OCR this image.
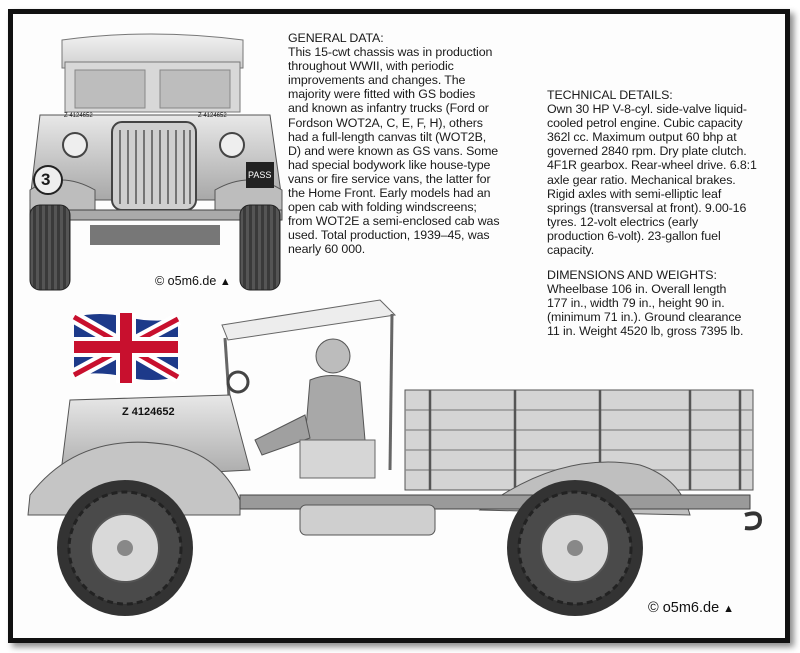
3	PASS
Z 4124652	Z 4124652
Z 4124652

GENERAL DATA:

This 15-cwt chassis was in production
throughout WWII, with periodic
improvements and changes. The
majority were fitted with GS bodies
and known as infantry trucks (Ford or
Fordson WOT2A, C, E, F, H), others
had a full-length canvas tilt (WOT2B,
D) and were known as GS vans. Some
had special bodywork like house-type
vans or fire service vans, the latter for
the Home Front. Early models had an
open cab with folding windscreens;
from WOT2E a semi-enclosed cab was
used. Total production, 1939–45, was
nearly 60 000.

TECHNICAL DETAILS:

Own 30 HP V-8-cyl. side-valve liquid-
cooled petrol engine. Cubic capacity
362l cc. Maximum output 60 bhp at
governed 2840 rpm. Dry plate clutch.
4F1R gearbox. Rear-wheel drive. 6.8:1
axle gear ratio. Mechanical brakes.
Rigid axles with semi-elliptic leaf
springs (transversal at front). 9.00-16
tyres. 12-volt electrics (early
production 6-volt). 23-gallon fuel
capacity.

DIMENSIONS AND WEIGHTS:

Wheelbase 106 in. Overall length
177 in., width 79 in., height 90 in.
(minimum 71 in.). Ground clearance
11 in. Weight 4520 lb, gross 7395 lb.

© o5m6.de ▲
© o5m6.de ▲
